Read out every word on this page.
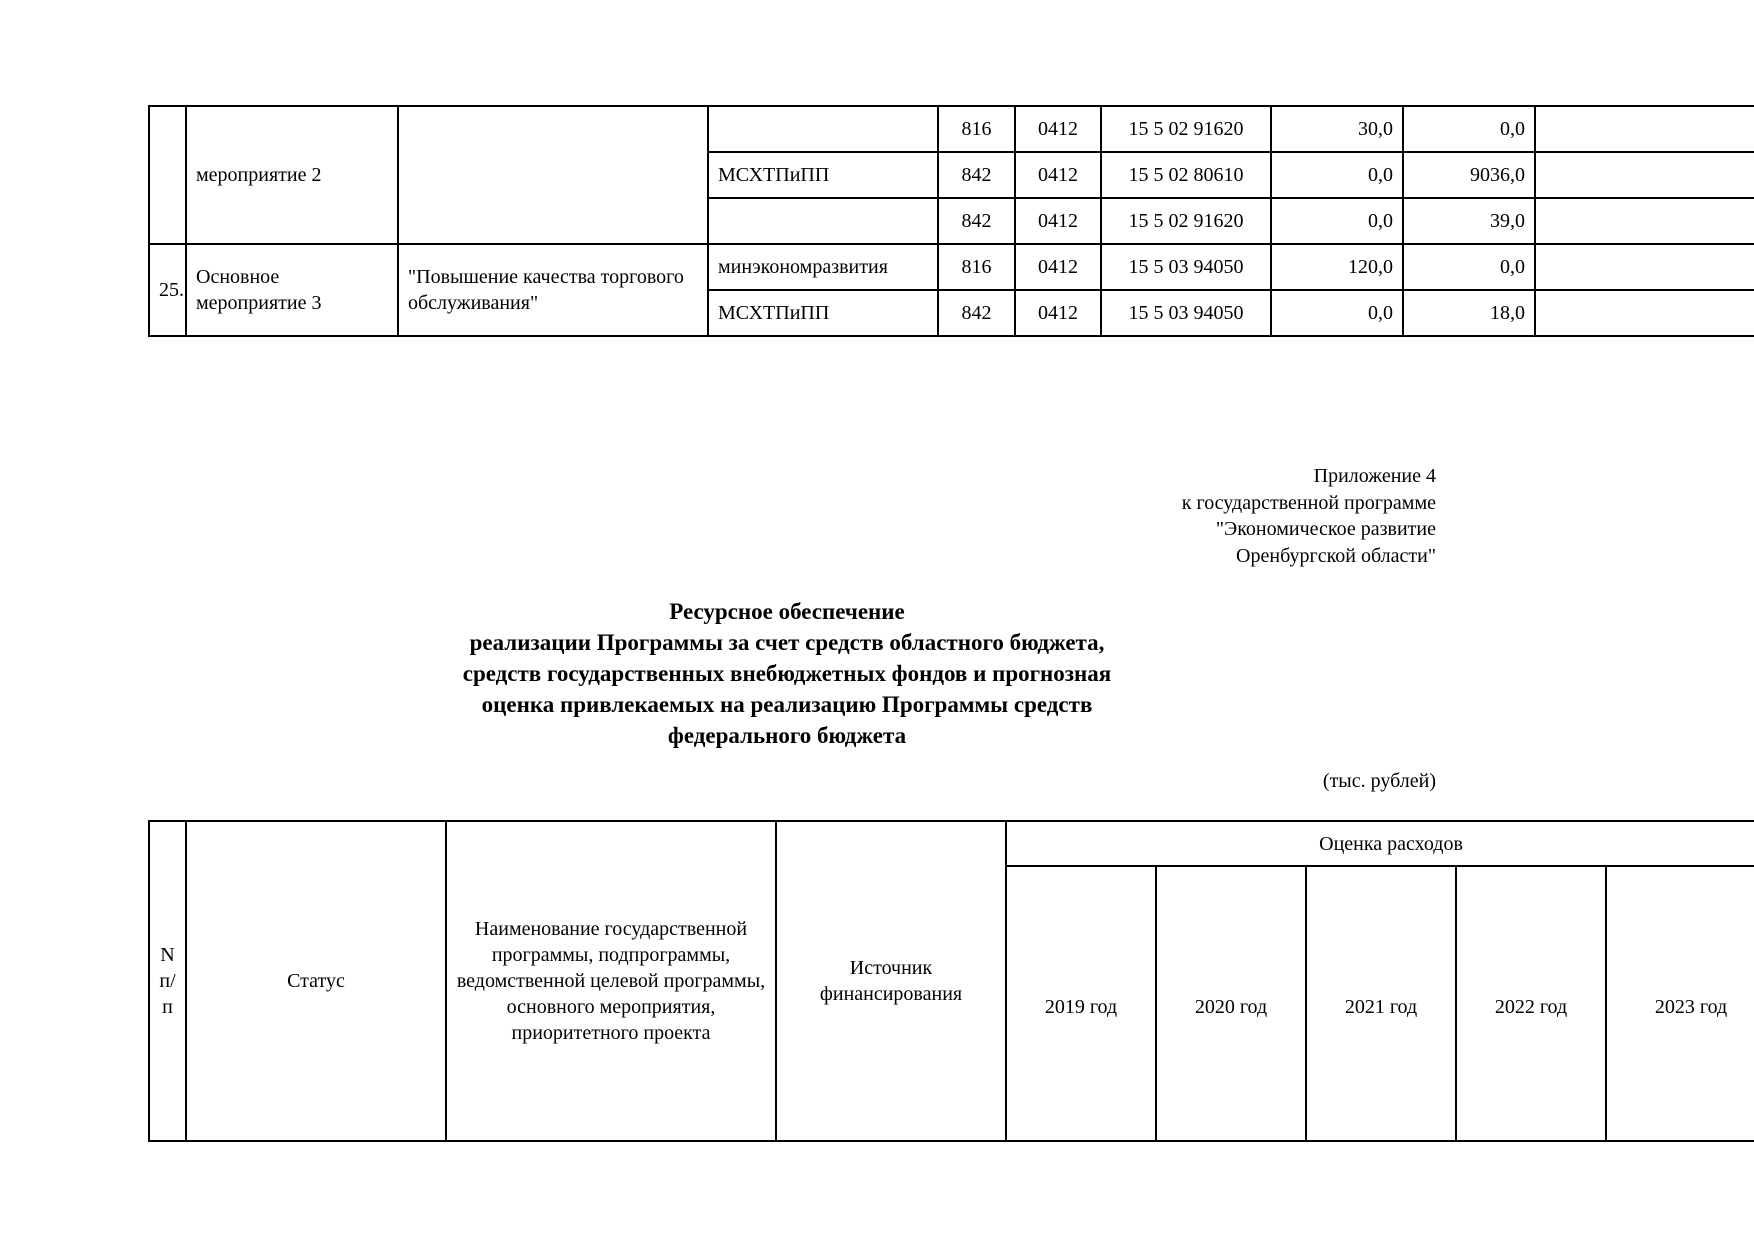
	мероприятие 2			816	0412	15 5 02 91620	30,0	0,0	
			МСХТПиПП	842	0412	15 5 02 80610	0,0	9036,0	
				842	0412	15 5 02 91620	0,0	39,0	
25.	Основное мероприятие 3	"Повышение качества торгового обслуживания"	минэкономразвития	816	0412	15 5 03 94050	120,0	0,0	
			МСХТПиПП	842	0412	15 5 03 94050	0,0	18,0	
Приложение 4
к государственной программе
"Экономическое развитие
Оренбургской области"
Ресурсное обеспечение
реализации Программы за счет средств областного бюджета,
средств государственных внебюджетных фондов и прогнозная
оценка привлекаемых на реализацию Программы средств
федерального бюджета
(тыс. рублей)
N п/п	Статус	Наименование государственной программы, подпрограммы, ведомственной целевой программы, основного мероприятия, приоритетного проекта	Источник финансирования	Оценка расходов				
				2019 год	2020 год	2021 год	2022 год	2023 год
